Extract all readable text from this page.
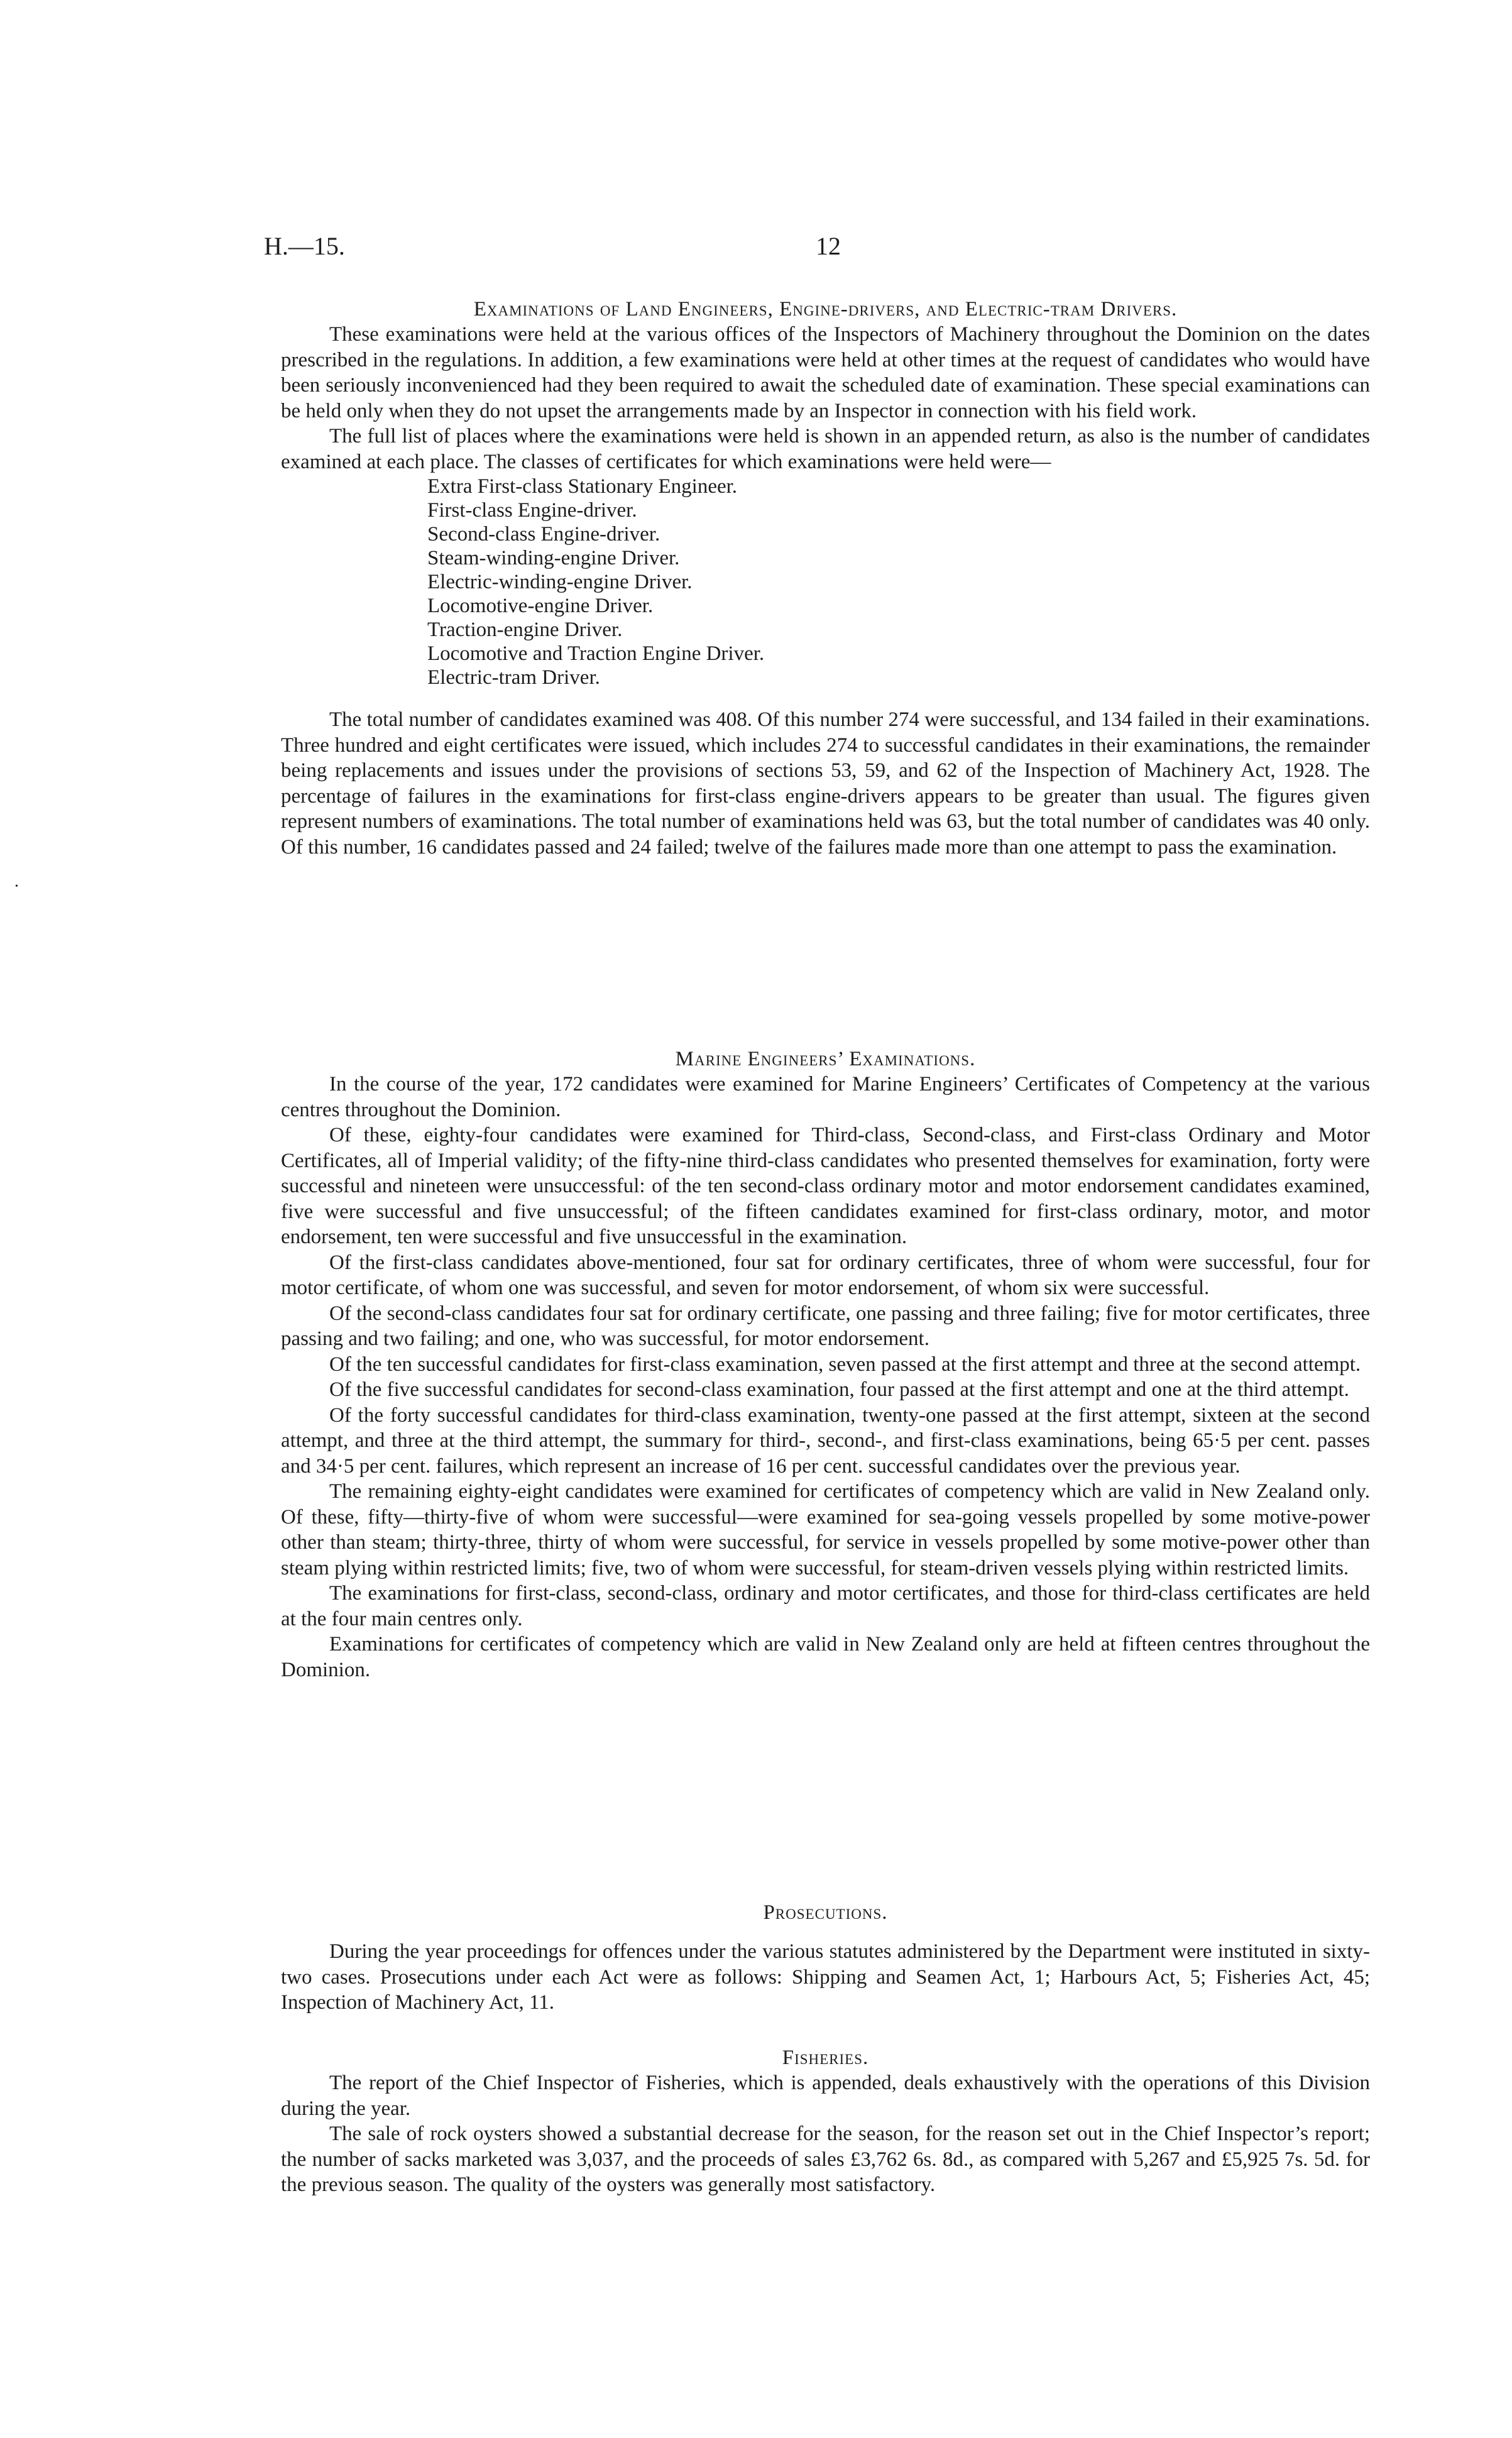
H.—15.	12
•
Examinations of Land Engineers, Engine-drivers, and Electric-tram Drivers.

These examinations were held at the various offices of the Inspectors of Machinery throughout the Dominion on the dates prescribed in the regulations. In addition, a few examinations were held at other times at the request of candidates who would have been seriously inconvenienced had they been required to await the scheduled date of examination. These special examinations can be held only when they do not upset the arrangements made by an Inspector in connection with his field work.

The full list of places where the examinations were held is shown in an appended return, as also is the number of candidates examined at each place. The classes of certificates for which examinations were held were—

Extra First-class Stationary Engineer.
First-class Engine-driver.
Second-class Engine-driver.
Steam-winding-engine Driver.
Electric-winding-engine Driver.
Locomotive-engine Driver.
Traction-engine Driver.
Locomotive and Traction Engine Driver.
Electric-tram Driver.

The total number of candidates examined was 408. Of this number 274 were successful, and 134 failed in their examinations. Three hundred and eight certificates were issued, which includes 274 to successful candidates in their examinations, the remainder being replacements and issues under the provisions of sections 53, 59, and 62 of the Inspection of Machinery Act, 1928. The percentage of failures in the examinations for first-class engine-drivers appears to be greater than usual. The figures given represent numbers of examinations. The total number of examinations held was 63, but the total number of candidates was 40 only. Of this number, 16 candidates passed and 24 failed; twelve of the failures made more than one attempt to pass the examination.

Marine Engineers’ Examinations.

In the course of the year, 172 candidates were examined for Marine Engineers’ Certificates of Competency at the various centres throughout the Dominion.

Of these, eighty-four candidates were examined for Third-class, Second-class, and First-class Ordinary and Motor Certificates, all of Imperial validity; of the fifty-nine third-class candidates who presented themselves for examination, forty were successful and nineteen were unsuccessful: of the ten second-class ordinary motor and motor endorsement candidates examined, five were successful and five unsuccessful; of the fifteen candidates examined for first-class ordinary, motor, and motor endorsement, ten were successful and five unsuccessful in the examination.

Of the first-class candidates above-mentioned, four sat for ordinary certificates, three of whom were successful, four for motor certificate, of whom one was successful, and seven for motor endorsement, of whom six were successful.

Of the second-class candidates four sat for ordinary certificate, one passing and three failing; five for motor certificates, three passing and two failing; and one, who was successful, for motor endorsement.

Of the ten successful candidates for first-class examination, seven passed at the first attempt and three at the second attempt.

Of the five successful candidates for second-class examination, four passed at the first attempt and one at the third attempt.

Of the forty successful candidates for third-class examination, twenty-one passed at the first attempt, sixteen at the second attempt, and three at the third attempt, the summary for third-, second-, and first-class examinations, being 65·5 per cent. passes and 34·5 per cent. failures, which represent an increase of 16 per cent. successful candidates over the previous year.

The remaining eighty-eight candidates were examined for certificates of competency which are valid in New Zealand only. Of these, fifty—thirty-five of whom were successful—were examined for sea-going vessels propelled by some motive-power other than steam; thirty-three, thirty of whom were successful, for service in vessels propelled by some motive-power other than steam plying within restricted limits; five, two of whom were successful, for steam-driven vessels plying within restricted limits.

The examinations for first-class, second-class, ordinary and motor certificates, and those for third-class certificates are held at the four main centres only.

Examinations for certificates of competency which are valid in New Zealand only are held at fifteen centres throughout the Dominion.

Prosecutions.

During the year proceedings for offences under the various statutes administered by the Department were instituted in sixty-two cases. Prosecutions under each Act were as follows: Shipping and Seamen Act, 1; Harbours Act, 5; Fisheries Act, 45; Inspection of Machinery Act, 11.

Fisheries.

The report of the Chief Inspector of Fisheries, which is appended, deals exhaustively with the operations of this Division during the year.

The sale of rock oysters showed a substantial decrease for the season, for the reason set out in the Chief Inspector’s report; the number of sacks marketed was 3,037, and the proceeds of sales £3,762 6s. 8d., as compared with 5,267 and £5,925 7s. 5d. for the previous season. The quality of the oysters was generally most satisfactory.
